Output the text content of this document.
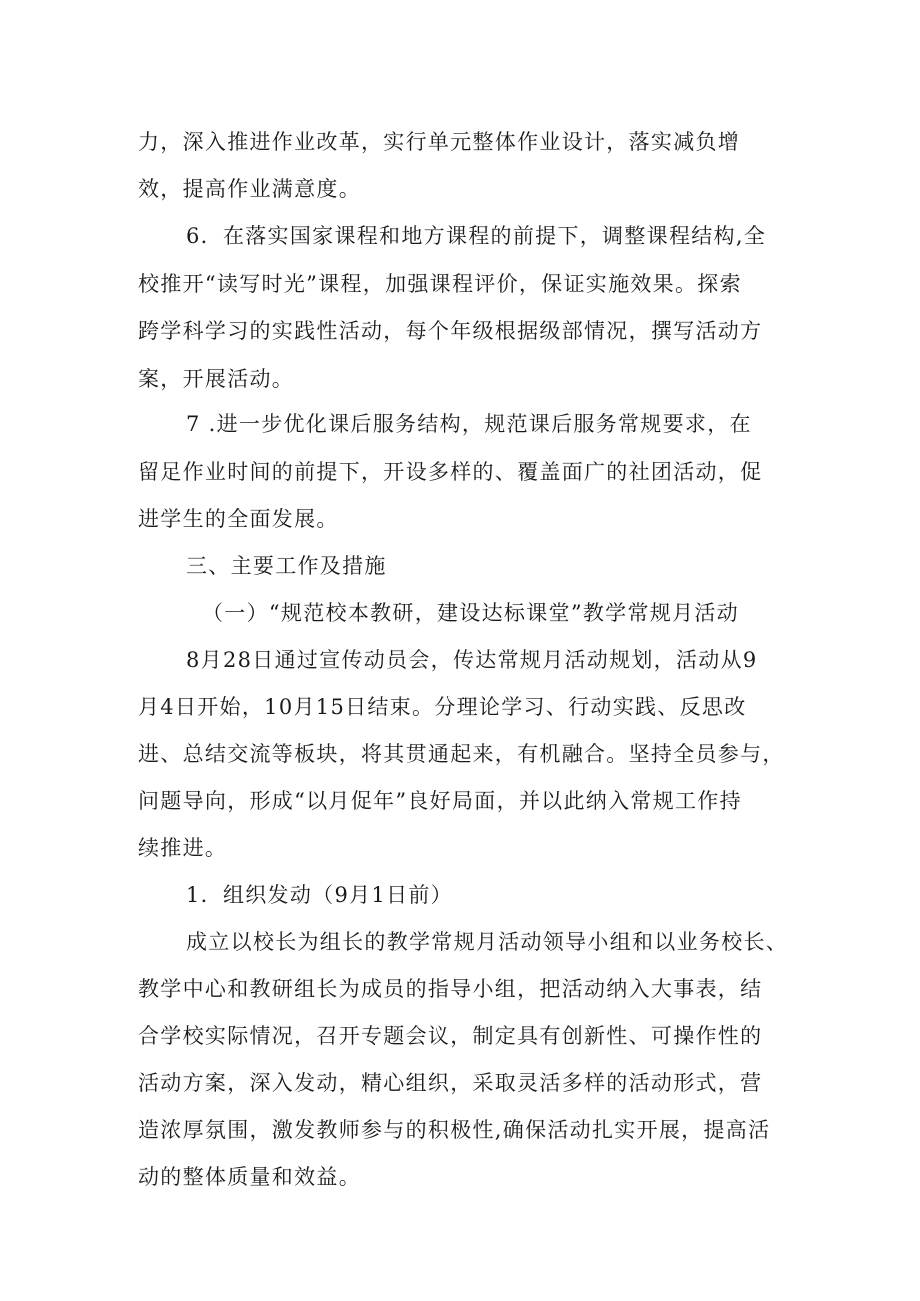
力，深入推进作业改革，实行单元整体作业设计，落实减负增
效，提高作业满意度。
6．在落实国家课程和地方课程的前提下，调整课程结构,全
校推开“读写时光”课程，加强课程评价，保证实施效果。探索
跨学科学习的实践性活动，每个年级根据级部情况，撰写活动方
案，开展活动。
7 .进一步优化课后服务结构，规范课后服务常规要求，在
留足作业时间的前提下，开设多样的、覆盖面广的社团活动，促
进学生的全面发展。
三、主要工作及措施
（一）“规范校本教研，建设达标课堂”教学常规月活动
8月28日通过宣传动员会，传达常规月活动规划，活动从9
月4日开始，10月15日结束。分理论学习、行动实践、反思改
进、总结交流等板块，将其贯通起来，有机融合。坚持全员参与，
问题导向，形成“以月促年”良好局面，并以此纳入常规工作持
续推进。
1．组织发动（9月1日前）
成立以校长为组长的教学常规月活动领导小组和以业务校长、
教学中心和教研组长为成员的指导小组，把活动纳入大事表，结
合学校实际情况，召开专题会议，制定具有创新性、可操作性的
活动方案，深入发动，精心组织，采取灵活多样的活动形式，营
造浓厚氛围，激发教师参与的积极性,确保活动扎实开展，提高活
动的整体质量和效益。
